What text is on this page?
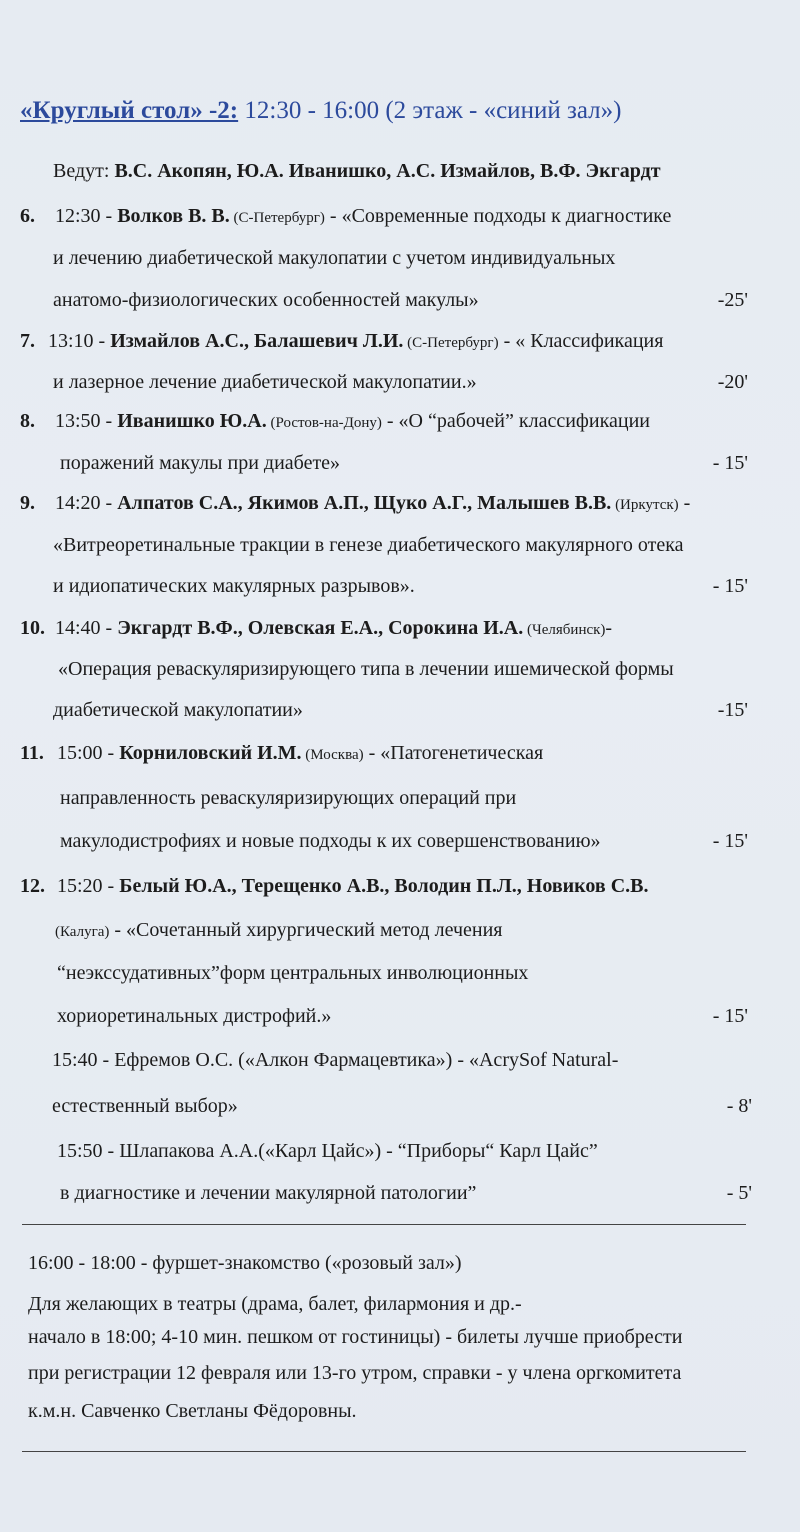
«Круглый стол» -2: 12:30 - 16:00 (2 этаж - «синий зал»)
Ведут: В.С. Акопян, Ю.А. Иванишко, А.С. Измайлов, В.Ф. Экгардт
6. 12:30 - Волков В. В. (С-Петербург) - «Современные подходы к диагностике
и лечению диабетической макулопатии с учетом индивидуальных
анатомо-физиологических особенностей макулы»	-25'
7. 13:10 - Измайлов А.С., Балашевич Л.И. (С-Петербург) - « Классификация
и лазерное лечение диабетической макулопатии.»	-20'
8. 13:50 - Иванишко Ю.А. (Ростов-на-Дону) - «О “рабочей” классификации
поражений макулы при диабете»	- 15'
9. 14:20 - Алпатов С.А., Якимов А.П., Щуко А.Г., Малышев В.В. (Иркутск) -
«Витреоретинальные тракции в генезе диабетического макулярного отека
и идиопатических макулярных разрывов».	- 15'
10. 14:40 - Экгардт В.Ф., Олевская Е.А., Сорокина И.А. (Челябинск)-
«Операция реваскуляризирующего типа в лечении ишемической формы
диабетической макулопатии»	-15'
11. 15:00 - Корниловский И.М. (Москва) - «Патогенетическая
направленность реваскуляризирующих операций при
макулодистрофиях и новые подходы к их совершенствованию»	- 15'
12. 15:20 - Белый Ю.А., Терещенко А.В., Володин П.Л., Новиков С.В.
(Калуга) - «Сочетанный хирургический метод лечения
“неэкссудативных”форм центральных инволюционных
хориоретинальных дистрофий.»	- 15'
15:40 - Ефремов О.С. («Алкон Фармацевтика») - «AcrySof Natural-
естественный выбор»	- 8'
15:50 - Шлапакова А.А.(«Карл Цайс») - “Приборы“ Карл Цайс”
в диагностике и лечении макулярной патологии”	- 5'
16:00 - 18:00 - фуршет-знакомство («розовый зал»)
Для желающих в театры (драма, балет, филармония и др.-
начало в 18:00; 4-10 мин. пешком от гостиницы) - билеты лучше приобрести
при регистрации 12 февраля или 13-го утром, справки - у члена оргкомитета
к.м.н. Савченко Светланы Фёдоровны.
